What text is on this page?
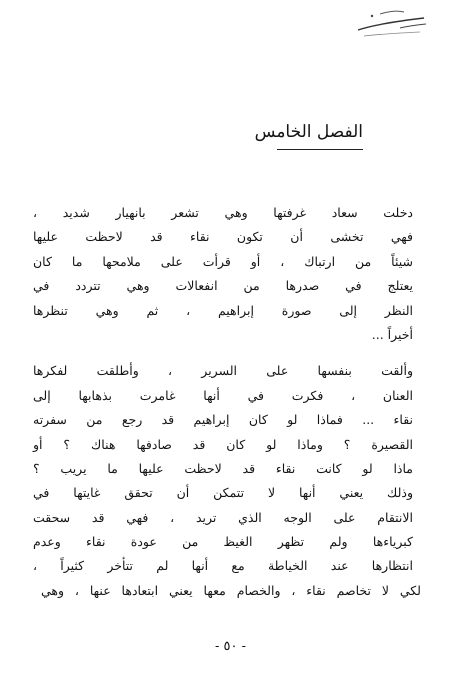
الفصل الخامس
دخلت سعاد غرفتها وهي تشعر بانهيار شديد ،
فهي تخشى أن تكون نقاء قد لاحظت عليها
شيئاً من ارتباك ، أو قرأت على ملامحها ما كان
يعتلج في صدرها من انفعالات وهي تتردد في
النظر إلى صورة إبراهيم ، ثم وهي تنظرها
أخيراً ...
وألقت بنفسها على السرير ، وأطلقت لفكرها
العنان ، فكرت في أنها غامرت بذهابها إلى
نقاء ... فماذا لو كان إبراهيم قد رجع من سفرته
القصيرة ؟ وماذا لو كان قد صادفها هناك ؟ أو
ماذا لو كانت نقاء قد لاحظت عليها ما يريب ؟
وذلك يعني أنها لا تتمكن أن تحقق غايتها في
الانتقام على الوجه الذي تريد ، فهي قد سحقت
كبرياءها ولم تظهر الغيظ من عودة نقاء وعدم
انتظارها عند الخياطة مع أنها لم تتأخر كثيراً ،
لكي لا تخاصم نقاء ، والخصام معها يعني ابتعادها عنها ، وهي
- ٥٠ -
